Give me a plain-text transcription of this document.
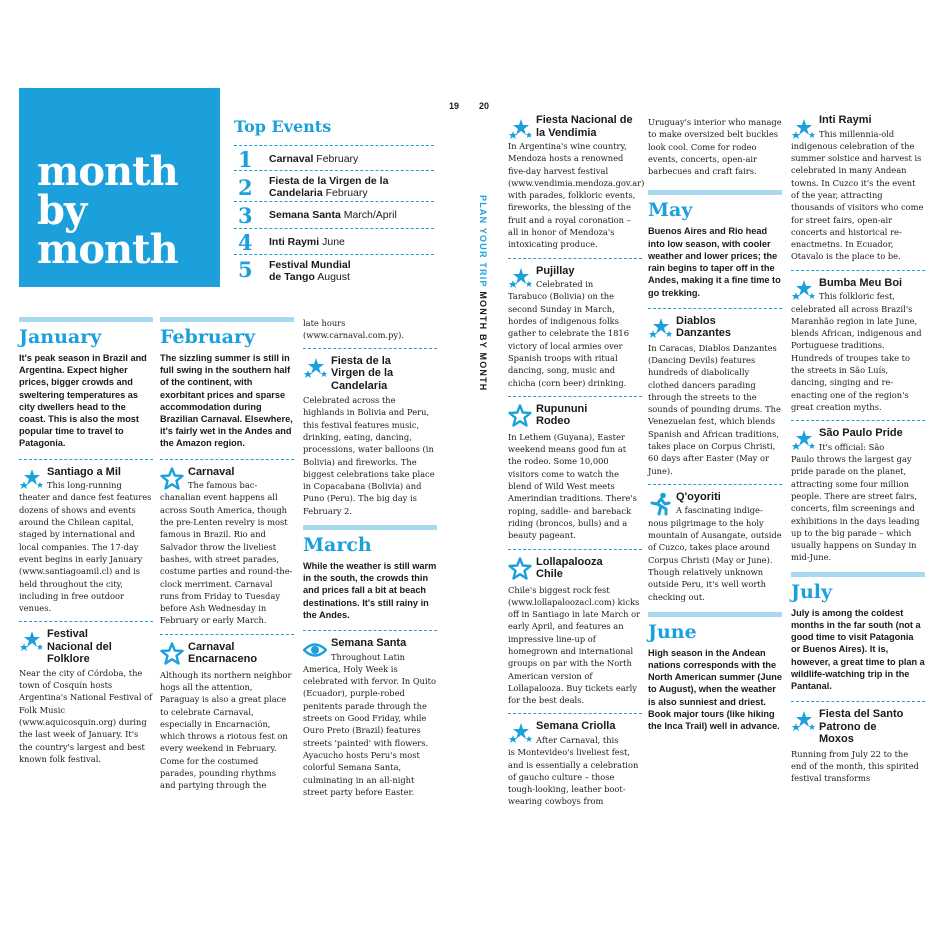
month
by
month
Top Events
1 Carnaval February
2 Fiesta de la Virgen de la Candelaria February
3 Semana Santa March/April
4 Inti Raymi June
5 Festival Mundial de Tango August
19 20
PLAN YOUR TRIP MONTH BY MONTH
January
It's peak season in Brazil and Argentina. Expect higher prices, bigger crowds and sweltering temperatures as city dwellers head to the coast. This is also the most popular time to travel to Patagonia.
Santiago a Mil
This long-running
theater and dance fest features dozens of shows and events around the Chilean capital, staged by international and local companies. The 17-day event begins in early January (www.santiagoamil.cl) and is held throughout the city, including in free outdoor venues.
Festival Nacional del Folklore
Near the city of Córdoba, the town of Cosquín hosts Argentina's National Festival of Folk Music (www.aquicosquin.org) during the last week of January. It's the country's largest and best known folk festival.
February
The sizzling summer is still in full swing in the southern half of the continent, with exorbitant prices and sparse accommodation during Brazilian Carnaval. Elsewhere, it's fairly wet in the Andes and the Amazon region.
Carnaval
The famous bac-
chanalian event happens all across South America, though the pre-Lenten revelry is most famous in Brazil. Rio and Salvador throw the liveliest bashes, with street parades, costume parties and round-the-clock merriment. Carnaval runs from Friday to Tuesday before Ash Wednesday in February or early March.
Carnaval Encarnaceno
Although its northern neighbor hogs all the attention, Paraguay is also a great place to celebrate Carnaval, especially in Encarnación, which throws a riotous fest on every weekend in February. Come for the costumed parades, pounding rhythms and partying through the
late hours (www.carnaval.com.py).
Fiesta de la Virgen de la Candelaria
Celebrated across the highlands in Bolivia and Peru, this festival features music, drinking, eating, dancing, processions, water balloons (in Bolivia) and fireworks. The biggest celebrations take place in Copacabana (Bolivia) and Puno (Peru). The big day is February 2.
March
While the weather is still warm in the south, the crowds thin and prices fall a bit at beach destinations. It's still rainy in the Andes.
Semana Santa
Throughout Latin
America, Holy Week is celebrated with fervor. In Quito (Ecuador), purple-robed penitents parade through the streets on Good Friday, while Ouro Preto (Brazil) features streets 'painted' with flowers. Ayacucho hosts Peru's most colorful Semana Santa, culminating in an all-night street party before Easter.
Fiesta Nacional de la Vendimia
In Argentina's wine country, Mendoza hosts a renowned five-day harvest festival (www.vendimia.mendoza.gov.ar) with parades, folkloric events, fireworks, the blessing of the fruit and a royal coronation – all in honor of Mendoza's intoxicating produce.
Pujillay
Celebrated in
Tarabuco (Bolivia) on the second Sunday in March, hordes of indigenous folks gather to celebrate the 1816 victory of local armies over Spanish troops with ritual dancing, song, music and chicha (corn beer) drinking.
Rupununi Rodeo
In Lethem (Guyana), Easter weekend means good fun at the rodeo. Some 10,000 visitors come to watch the blend of Wild West meets Amerindian traditions. There's roping, saddle- and bareback riding (broncos, bulls) and a beauty pageant.
Lollapalooza Chile
Chile's biggest rock fest (www.lollapaloozacl.com) kicks off in Santiago in late March or early April, and features an impressive line-up of homegrown and international groups on par with the North American version of Lollapalooza. Buy tickets early for the best deals.
Semana Criolla
After Carnaval, this
is Montevideo's liveliest fest, and is essentially a celebration of gaucho culture – those tough-looking, leather boot-wearing cowboys from
Uruguay's interior who manage to make oversized belt buckles look cool. Come for rodeo events, concerts, open-air barbecues and craft fairs.
May
Buenos Aires and Rio head into low season, with cooler weather and lower prices; the rain begins to taper off in the Andes, making it a fine time to go trekking.
Diablos Danzantes
In Caracas, Diablos Danzantes (Dancing Devils) features hundreds of diabolically clothed dancers parading through the streets to the sounds of pounding drums. The Venezuelan fest, which blends Spanish and African traditions, takes place on Corpus Christi, 60 days after Easter (May or June).
Q'oyoriti
A fascinating indige-
nous pilgrimage to the holy mountain of Ausangate, outside of Cuzco, takes place around Corpus Christi (May or June). Though relatively unknown outside Peru, it's well worth checking out.
June
High season in the Andean nations corresponds with the North American summer (June to August), when the weather is also sunniest and driest. Book major tours (like hiking the Inca Trail) well in advance.
Inti Raymi
This millennia-old
indigenous celebration of the summer solstice and harvest is celebrated in many Andean towns. In Cuzco it's the event of the year, attracting thousands of visitors who come for street fairs, open-air concerts and historical re-enactmetns. In Ecuador, Otavalo is the place to be.
Bumba Meu Boi
This folkloric fest,
celebrated all across Brazil's Maranhão region in late June, blends African, indigenous and Portuguese traditions. Hundreds of troupes take to the streets in São Luís, dancing, singing and re-enacting one of the region's great creation myths.
São Paulo Pride
It's official: São
Paulo throws the largest gay pride parade on the planet, attracting some four million people. There are street fairs, concerts, film screenings and exhibitions in the days leading up to the big parade – which usually happens on Sunday in mid-June.
July
July is among the coldest months in the far south (not a good time to visit Patagonia or Buenos Aires). It is, however, a great time to plan a wildlife-watching trip in the Pantanal.
Fiesta del Santo Patrono de Moxos
Running from July 22 to the end of the month, this spirited festival transforms
